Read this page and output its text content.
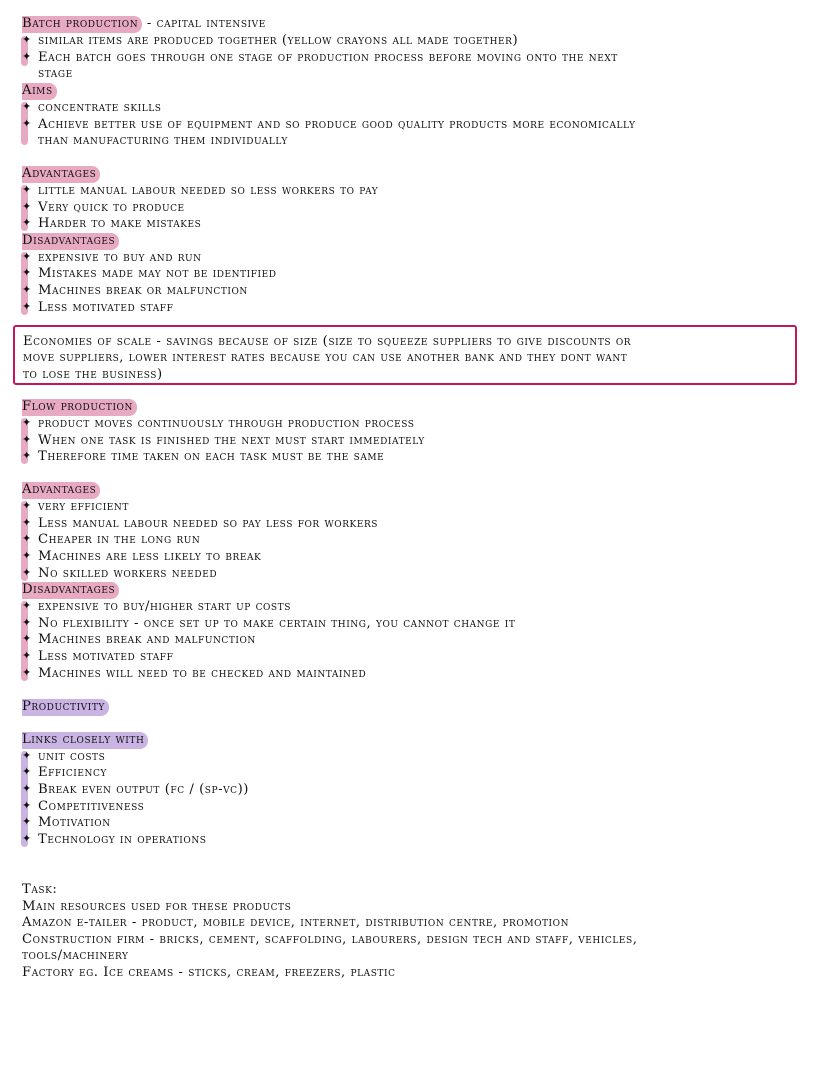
Batch production - capital intensive
✦ similar items are produced together (yellow crayons all made together)
✦ Each batch goes through one stage of production process before moving onto the next
stage
Aims
✦ concentrate skills
✦ Achieve better use of equipment and so produce good quality products more economically
than manufacturing them individually
Advantages
✦ little manual labour needed so less workers to pay
✦ Very quick to produce
✦ Harder to make mistakes
Disadvantages
✦ expensive to buy and run
✦ Mistakes made may not be identified
✦ Machines break or malfunction
✦ Less motivated staff
Economies of scale - savings because of size (size to squeeze suppliers to give discounts or
move suppliers, lower interest rates because you can use another bank and they dont want
to lose the business)
Flow production
✦ product moves continuously through production process
✦ When one task is finished the next must start immediately
✦ Therefore time taken on each task must be the same
Advantages
✦ very efficient
✦ Less manual labour needed so pay less for workers
✦ Cheaper in the long run
✦ Machines are less likely to break
✦ No skilled workers needed
Disadvantages
✦ expensive to buy/higher start up costs
✦ No flexibility - once set up to make certain thing, you cannot change it
✦ Machines break and malfunction
✦ Less motivated staff
✦ Machines will need to be checked and maintained
Productivity
Links closely with
✦ unit costs
✦ Efficiency
✦ Break even output (fc / (sp-vc))
✦ Competitiveness
✦ Motivation
✦ Technology in operations
Task:
Main resources used for these products
Amazon e-tailer - product, mobile device, internet, distribution centre, promotion
Construction firm - bricks, cement, scaffolding, labourers, design tech and staff, vehicles,
tools/machinery
Factory eg. Ice creams - sticks, cream, freezers, plastic
